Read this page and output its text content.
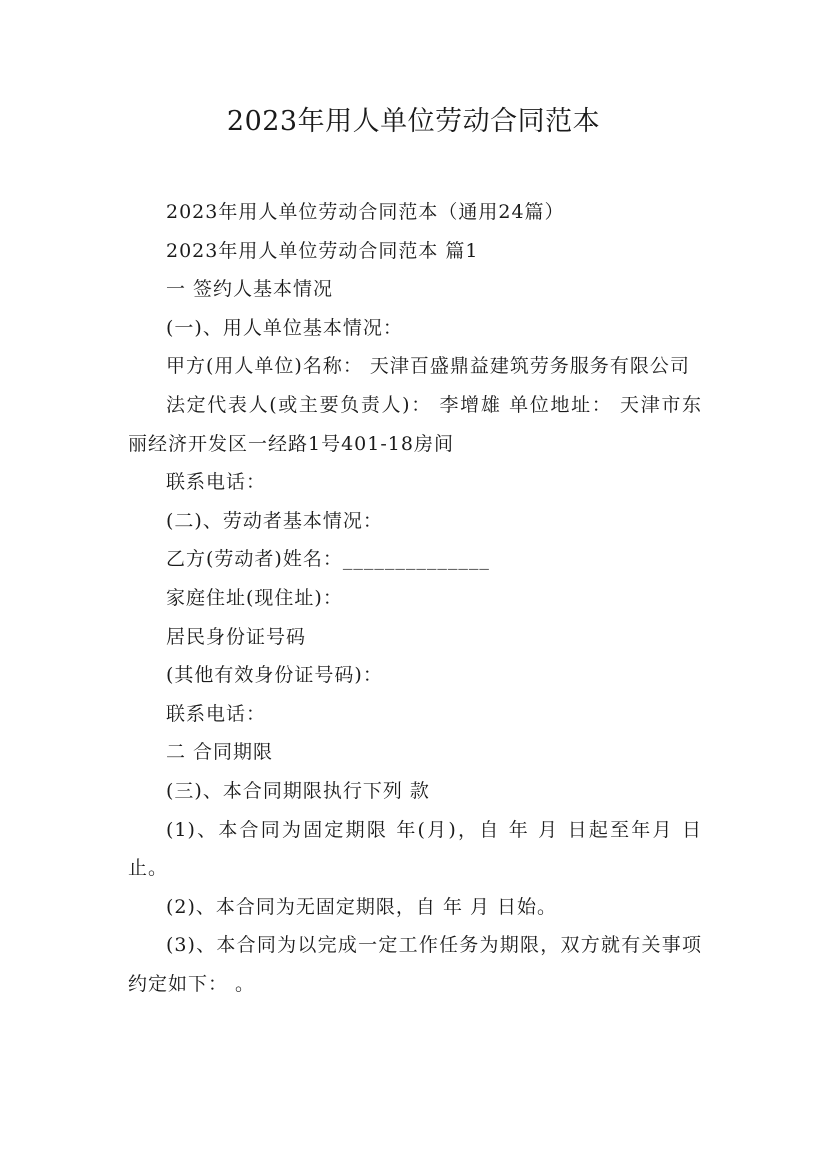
2023年用人单位劳动合同范本

2023年用人单位劳动合同范本（通用24篇）

2023年用人单位劳动合同范本 篇1

一 签约人基本情况

(一)、用人单位基本情况：

甲方(用人单位)名称： 天津百盛鼎益建筑劳务服务有限公司

法定代表人(或主要负责人)： 李增雄 单位地址： 天津市东丽经济开发区一经路1号401-18房间

联系电话：

(二)、劳动者基本情况：

乙方(劳动者)姓名：______________

家庭住址(现住址)：

居民身份证号码

(其他有效身份证号码)：

联系电话：

二 合同期限

(三)、本合同期限执行下列 款

(1)、本合同为固定期限 年(月)，自 年 月 日起至年月 日止。

(2)、本合同为无固定期限，自 年 月 日始。

(3)、本合同为以完成一定工作任务为期限，双方就有关事项约定如下： 。
